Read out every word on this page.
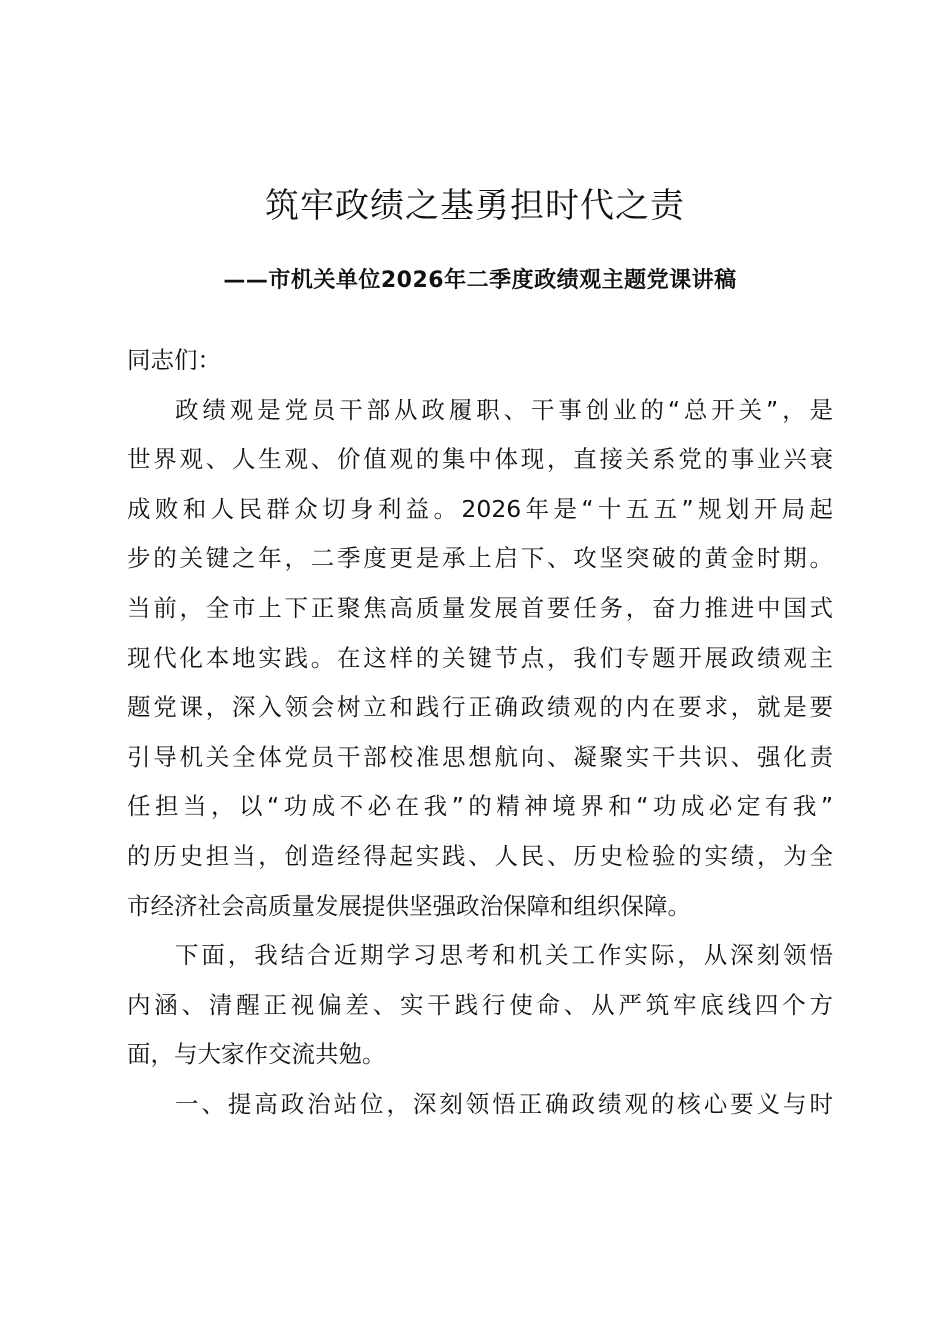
筑牢政绩之基勇担时代之责
——市机关单位2026年二季度政绩观主题党课讲稿
同志们：
政绩观是党员干部从政履职、干事创业的“总开关”，是
世界观、人生观、价值观的集中体现，直接关系党的事业兴衰
成败和人民群众切身利益。2026年是“十五五”规划开局起
步的关键之年，二季度更是承上启下、攻坚突破的黄金时期。
当前，全市上下正聚焦高质量发展首要任务，奋力推进中国式
现代化本地实践。在这样的关键节点，我们专题开展政绩观主
题党课，深入领会树立和践行正确政绩观的内在要求，就是要
引导机关全体党员干部校准思想航向、凝聚实干共识、强化责
任担当，以“功成不必在我”的精神境界和“功成必定有我”
的历史担当，创造经得起实践、人民、历史检验的实绩，为全
市经济社会高质量发展提供坚强政治保障和组织保障。
下面，我结合近期学习思考和机关工作实际，从深刻领悟
内涵、清醒正视偏差、实干践行使命、从严筑牢底线四个方
面，与大家作交流共勉。
一、提高政治站位，深刻领悟正确政绩观的核心要义与时
